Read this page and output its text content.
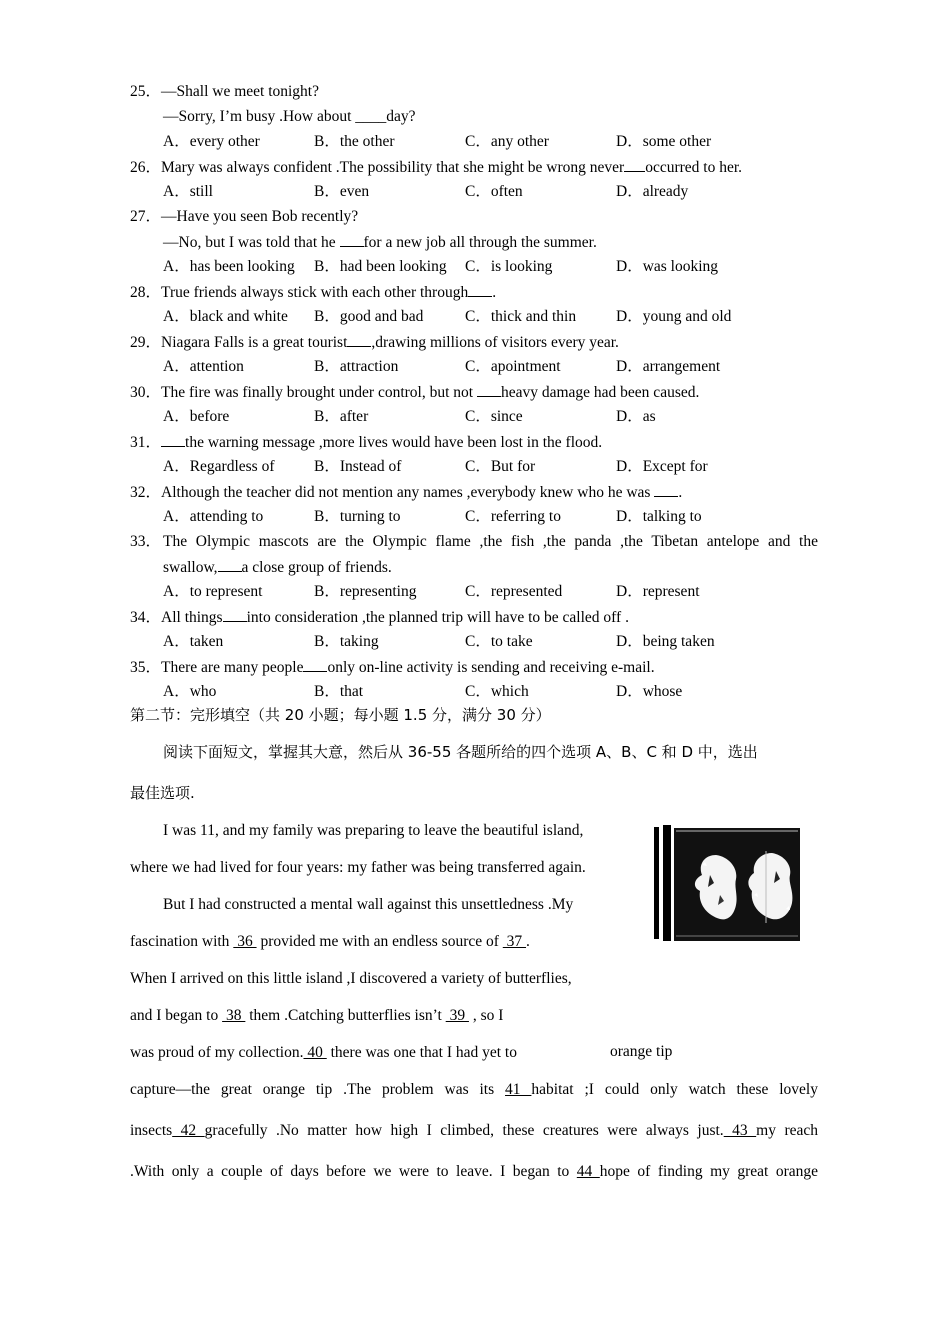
25．—Shall we meet tonight?
—Sorry, I’m busy .How about ____day?
A．every other	B．the other	C．any other	D．some other
26．Mary was always confident .The possibility that she might be wrong never occurred to her.
A．still	B．even	C．often	D．already
27．—Have you seen Bob recently?
—No, but I was told that he for a new job all through the summer.
A．has been looking	B．had been looking	C．is looking	D．was looking
28．True friends always stick with each other through .
A．black and white	B．good and bad	C．thick and thin	D．young and old
29．Niagara Falls is a great tourist ,drawing millions of visitors every year.
A．attention	B．attraction	C．apointment	D．arrangement
30．The fire was finally brought under control, but not heavy damage had been caused.
A．before	B．after	C．since	D．as
31． the warning message ,more lives would have been lost in the flood.
A．Regardless of	B．Instead of	C．But for	D．Except for
32．Although the teacher did not mention any names ,everybody knew who he was .
A．attending to	B．turning to	C．referring to	D．talking to
33． The Olympic mascots are the Olympic flame ,the fish ,the panda ,the Tibetan antelope and the
swallow, a close group of friends.
A．to represent	B．representing	C．represented	D．represent
34．All things into consideration ,the planned trip will have to be called off .
A．taken	B．taking	C．to take	D．being taken
35．There are many people only on-line activity is sending and receiving e-mail.
A．who	B．that	C．which	D．whose
第二节：完形填空（共 20 小题；每小题 1.5 分，满分 30 分）
阅读下面短文，掌握其大意，然后从 36-55 各题所给的四个选项 A、B、C 和 D 中，选出
最佳选项.
I was 11, and my family was preparing to leave the beautiful island,
where we had lived for four years: my father was being transferred again.
But I had constructed a mental wall against this unsettledness .My
fascination with  36  provided me with an endless source of  37 .
When I arrived on this little island ,I discovered a variety of butterflies,
and I began to  38  them .Catching butterflies isn’t  39  , so I
was proud of my collection. 40  there was one that I had yet to
capture—the great orange tip .The problem was its 41 habitat ;I could only watch these lovely
insects 42 gracefully .No matter how high I climbed, these creatures were always just. 43 my reach
.With only a couple of days before we were to leave. I began to 44 hope of finding my great orange
orange tip
